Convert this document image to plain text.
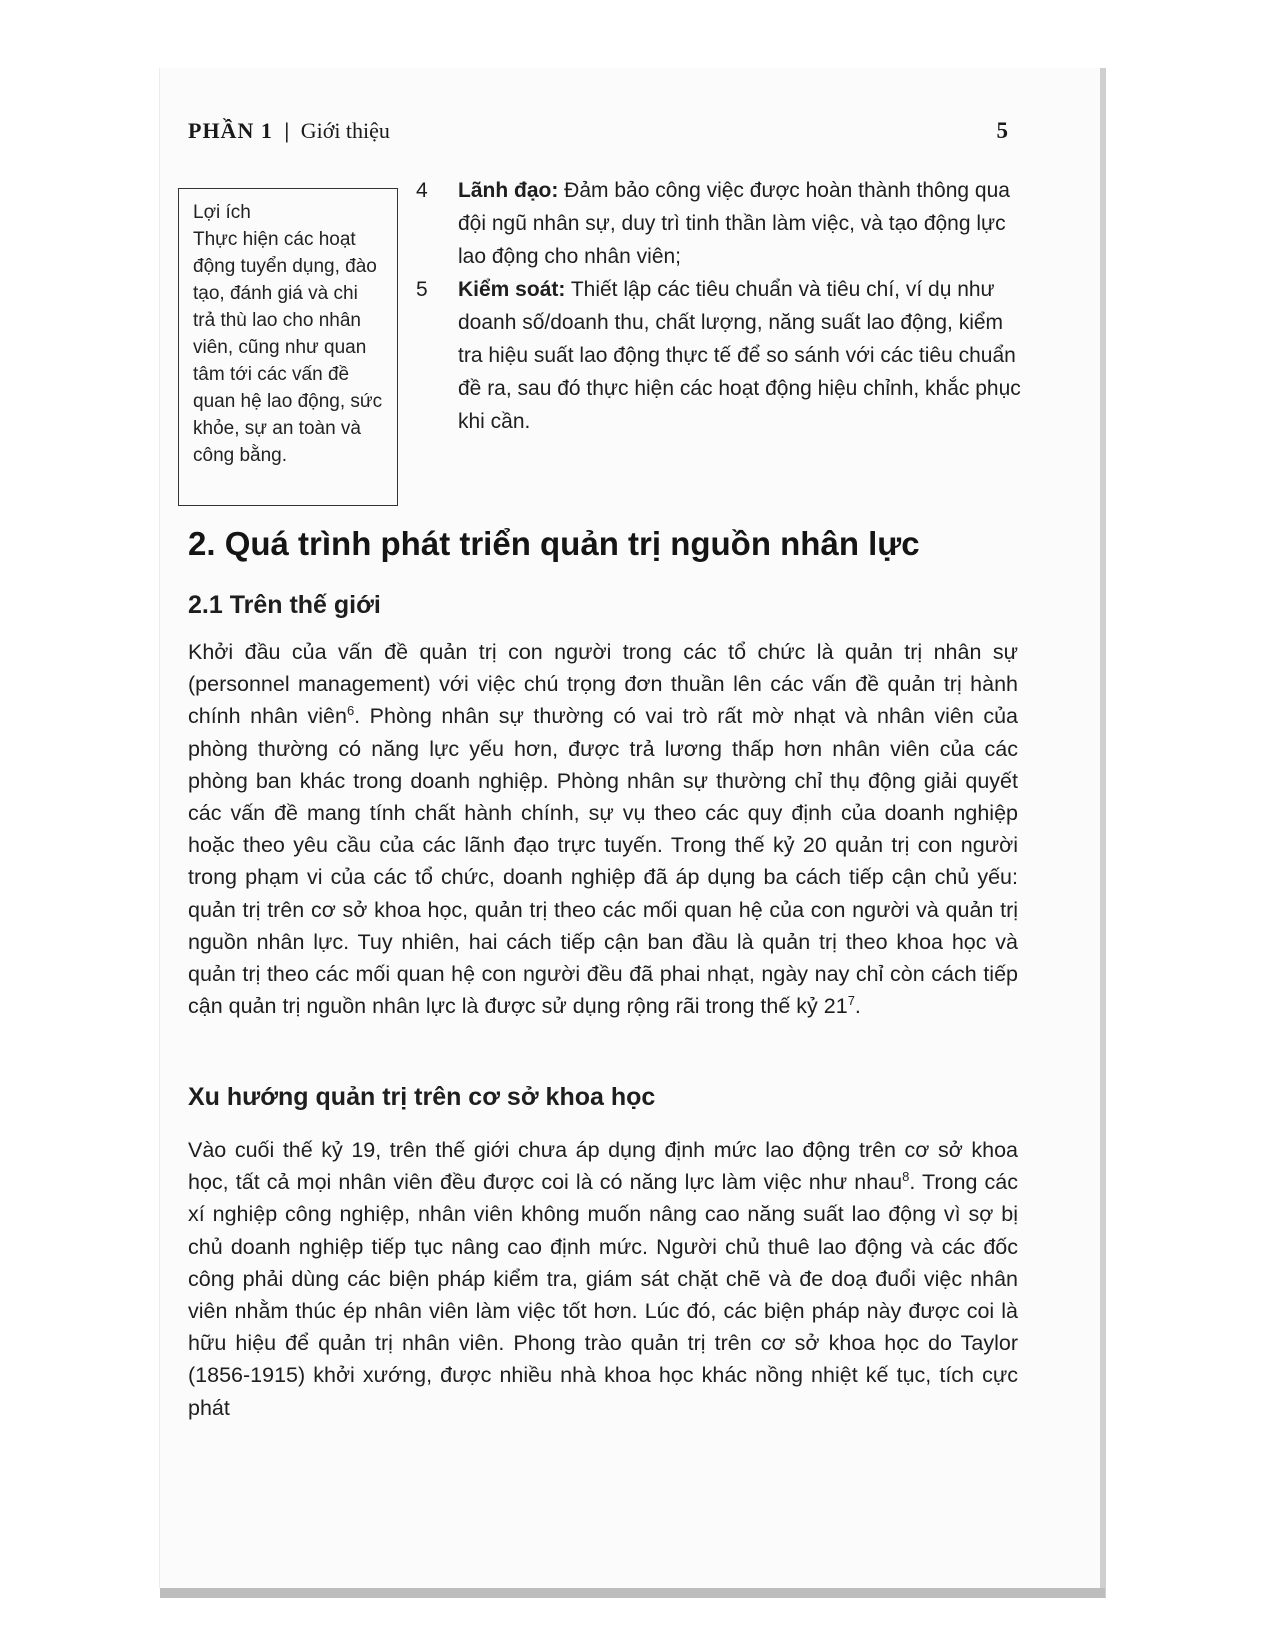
PHẦN 1 | Giới thiệu	5
Lợi ích
Thực hiện các hoạt động tuyển dụng, đào tạo, đánh giá và chi trả thù lao cho nhân viên, cũng như quan tâm tới các vấn đề quan hệ lao động, sức khỏe, sự an toàn và công bằng.
4	Lãnh đạo: Đảm bảo công việc được hoàn thành thông qua đội ngũ nhân sự, duy trì tinh thần làm việc, và tạo động lực lao động cho nhân viên;
5	Kiểm soát: Thiết lập các tiêu chuẩn và tiêu chí, ví dụ như doanh số/doanh thu, chất lượng, năng suất lao động, kiểm tra hiệu suất lao động thực tế để so sánh với các tiêu chuẩn đề ra, sau đó thực hiện các hoạt động hiệu chỉnh, khắc phục khi cần.
2. Quá trình phát triển quản trị nguồn nhân lực
2.1 Trên thế giới
Khởi đầu của vấn đề quản trị con người trong các tổ chức là quản trị nhân sự (personnel management) với việc chú trọng đơn thuần lên các vấn đề quản trị hành chính nhân viên$^6$. Phòng nhân sự thường có vai trò rất mờ nhạt và nhân viên của phòng thường có năng lực yếu hơn, được trả lương thấp hơn nhân viên của các phòng ban khác trong doanh nghiệp. Phòng nhân sự thường chỉ thụ động giải quyết các vấn đề mang tính chất hành chính, sự vụ theo các quy định của doanh nghiệp hoặc theo yêu cầu của các lãnh đạo trực tuyến. Trong thế kỷ 20 quản trị con người trong phạm vi của các tổ chức, doanh nghiệp đã áp dụng ba cách tiếp cận chủ yếu: quản trị trên cơ sở khoa học, quản trị theo các mối quan hệ của con người và quản trị nguồn nhân lực. Tuy nhiên, hai cách tiếp cận ban đầu là quản trị theo khoa học và quản trị theo các mối quan hệ con người đều đã phai nhạt, ngày nay chỉ còn cách tiếp cận quản trị nguồn nhân lực là được sử dụng rộng rãi trong thế kỷ $21^7$.
Xu hướng quản trị trên cơ sở khoa học
Vào cuối thế kỷ 19, trên thế giới chưa áp dụng định mức lao động trên cơ sở khoa học, tất cả mọi nhân viên đều được coi là có năng lực làm việc như nhau$^8$. Trong các xí nghiệp công nghiệp, nhân viên không muốn nâng cao năng suất lao động vì sợ bị chủ doanh nghiệp tiếp tục nâng cao định mức. Người chủ thuê lao động và các đốc công phải dùng các biện pháp kiểm tra, giám sát chặt chẽ và đe doạ đuổi việc nhân viên nhằm thúc ép nhân viên làm việc tốt hơn. Lúc đó, các biện pháp này được coi là hữu hiệu để quản trị nhân viên. Phong trào quản trị trên cơ sở khoa học do Taylor (1856-1915) khởi xướng, được nhiều nhà khoa học khác nồng nhiệt kế tục, tích cực phát
